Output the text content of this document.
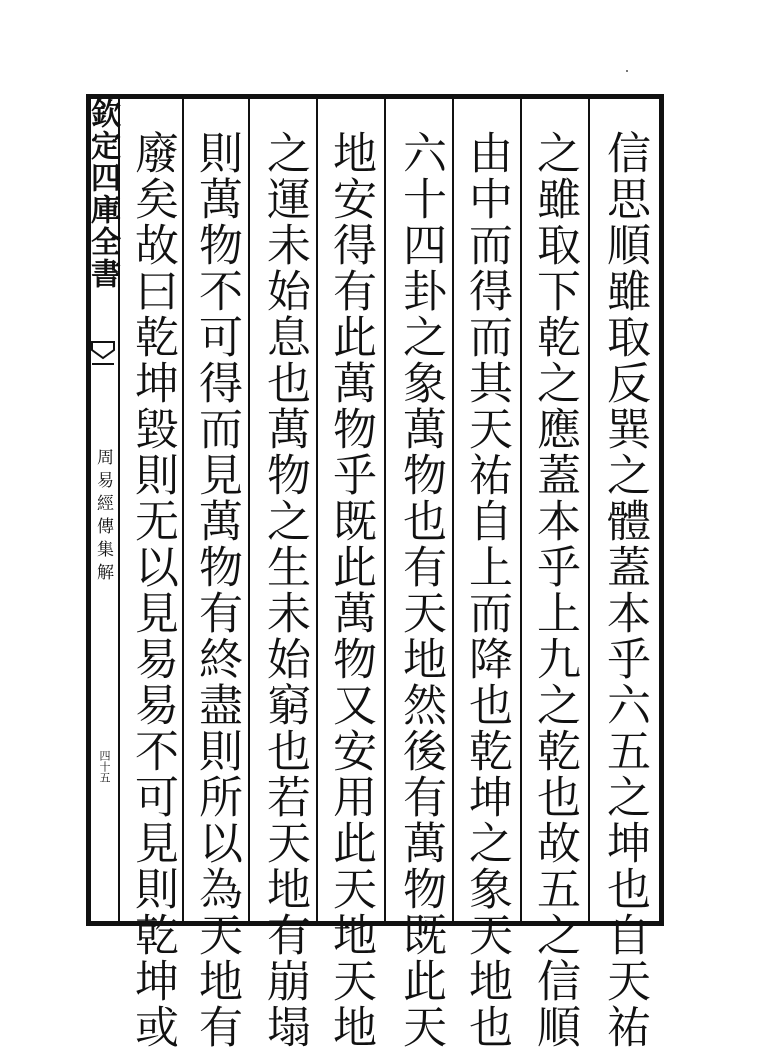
欽定四庫全書
周易經傳集解
四十五	信思順雖取反巽之體蓋本乎六五之坤也自天祐
之雖取下乾之應蓋本乎上九之乾也故五之信順
由中而得而其天祐自上而降也乾坤之象天地也
六十四卦之象萬物也有天地然後有萬物既此天
地安得有此萬物乎既此萬物又安用此天地天地
之運未始息也萬物之生未始窮也若天地有崩塌
則萬物不可得而見萬物有終盡則所以為天地有
廢矣故曰乾坤毀則无以見易易不可見則乾坤或
